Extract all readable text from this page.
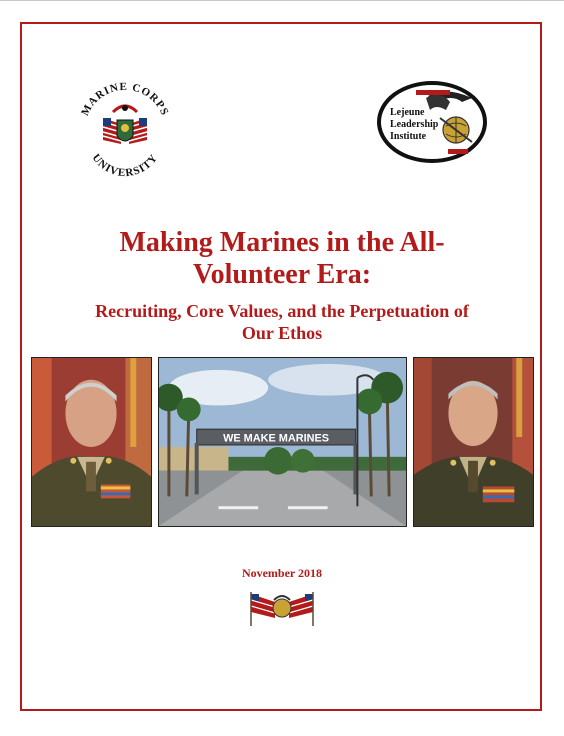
MARINE CORPS
UNIVERSITY
Lejeune
Leadership
Institute
Making Marines in the All-
Volunteer Era:
Recruiting, Core Values, and the Perpetuation of
Our Ethos
WE MAKE MARINES
November 2018
